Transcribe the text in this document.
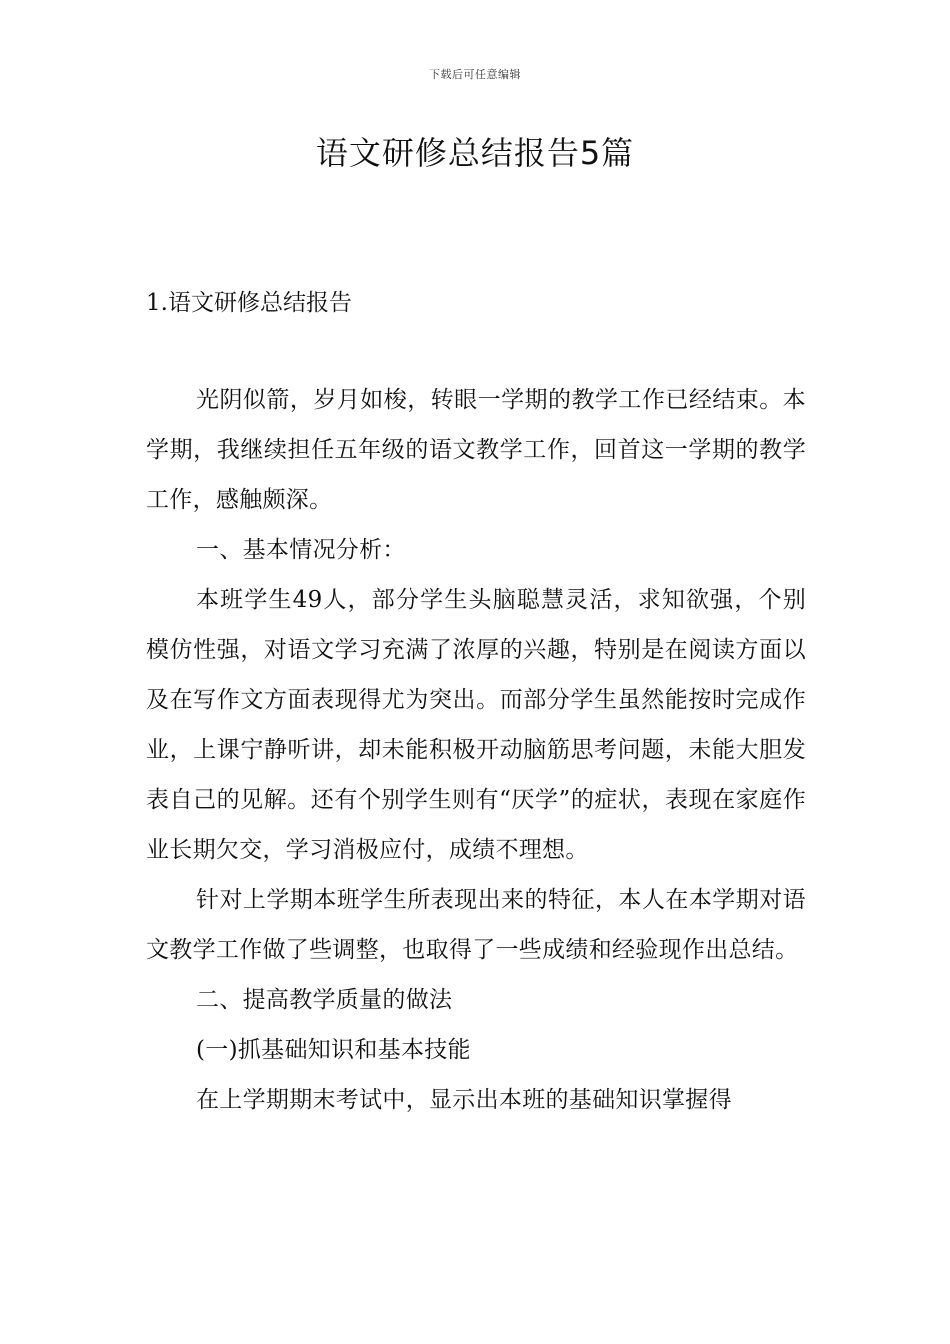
下载后可任意编辑
语文研修总结报告5篇
1.语文研修总结报告

光阴似箭，岁月如梭，转眼一学期的教学工作已经结束。本学期，我继续担任五年级的语文教学工作，回首这一学期的教学工作，感触颇深。

一、基本情况分析：

本班学生49人，部分学生头脑聪慧灵活，求知欲强，个别模仿性强，对语文学习充满了浓厚的兴趣，特别是在阅读方面以及在写作文方面表现得尤为突出。而部分学生虽然能按时完成作业，上课宁静听讲，却未能积极开动脑筋思考问题，未能大胆发表自己的见解。还有个别学生则有“厌学”的症状，表现在家庭作业长期欠交，学习消极应付，成绩不理想。

针对上学期本班学生所表现出来的特征，本人在本学期对语文教学工作做了些调整，也取得了一些成绩和经验现作出总结。

二、提高教学质量的做法

(一)抓基础知识和基本技能

在上学期期末考试中，显示出本班的基础知识掌握得
